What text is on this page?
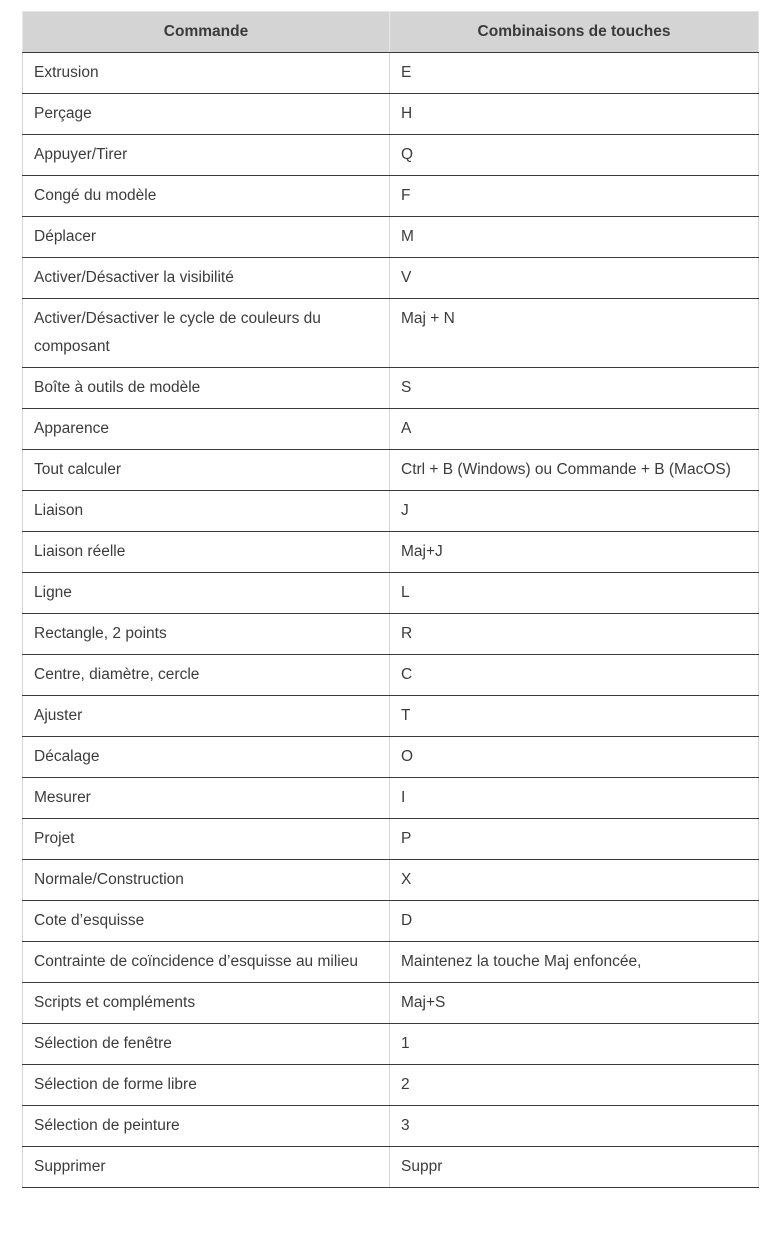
Commande	Combinaisons de touches
Extrusion	E
Perçage	H
Appuyer/Tirer	Q
Congé du modèle	F
Déplacer	M
Activer/Désactiver la visibilité	V
Activer/Désactiver le cycle de couleurs du composant	Maj + N
Boîte à outils de modèle	S
Apparence	A
Tout calculer	Ctrl + B (Windows) ou Commande + B (MacOS)
Liaison	J
Liaison réelle	Maj+J
Ligne	L
Rectangle, 2 points	R
Centre, diamètre, cercle	C
Ajuster	T
Décalage	O
Mesurer	I
Projet	P
Normale/Construction	X
Cote d’esquisse	D
Contrainte de coïncidence d’esquisse au milieu	Maintenez la touche Maj enfoncée,
Scripts et compléments	Maj+S
Sélection de fenêtre	1
Sélection de forme libre	2
Sélection de peinture	3
Supprimer	Suppr
